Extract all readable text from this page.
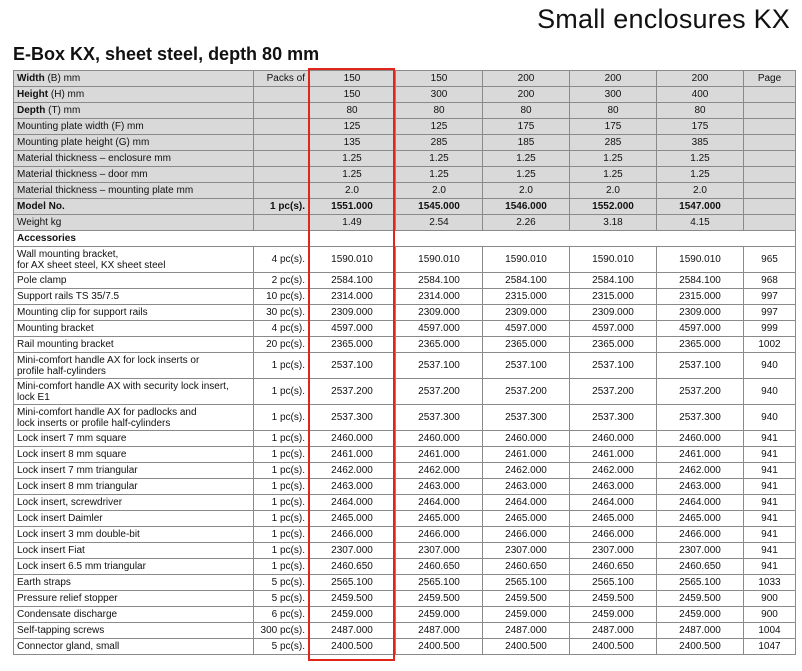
Small enclosures KX
E-Box KX, sheet steel, depth 80 mm
Width (B) mm	Packs of	150	150	200	200	200	Page
Height (H) mm		150	300	200	300	400	
Depth (T) mm		80	80	80	80	80	
Mounting plate width (F) mm		125	125	175	175	175	
Mounting plate height (G) mm		135	285	185	285	385	
Material thickness – enclosure mm		1.25	1.25	1.25	1.25	1.25	
Material thickness – door mm		1.25	1.25	1.25	1.25	1.25	
Material thickness – mounting plate mm		2.0	2.0	2.0	2.0	2.0	
Model No.	1 pc(s).	1551.000	1545.000	1546.000	1552.000	1547.000	
Weight kg		1.49	2.54	2.26	3.18	4.15	
Accessories							

Wall mounting bracket,
for AX sheet steel, KX sheet steel	4 pc(s).	1590.010	1590.010	1590.010	1590.010	1590.010	965

Pole clamp	2 pc(s).	2584.100	2584.100	2584.100	2584.100	2584.100	968

Support rails TS 35/7.5	10 pc(s).	2314.000	2314.000	2315.000	2315.000	2315.000	997

Mounting clip for support rails	30 pc(s).	2309.000	2309.000	2309.000	2309.000	2309.000	997

Mounting bracket	4 pc(s).	4597.000	4597.000	4597.000	4597.000	4597.000	999

Rail mounting bracket	20 pc(s).	2365.000	2365.000	2365.000	2365.000	2365.000	1002

Mini-comfort handle AX for lock inserts or
profile half-cylinders	1 pc(s).	2537.100	2537.100	2537.100	2537.100	2537.100	940

Mini-comfort handle AX with security lock insert,
lock E1	1 pc(s).	2537.200	2537.200	2537.200	2537.200	2537.200	940

Mini-comfort handle AX for padlocks and
lock inserts or profile half-cylinders	1 pc(s).	2537.300	2537.300	2537.300	2537.300	2537.300	940

Lock insert 7 mm square	1 pc(s).	2460.000	2460.000	2460.000	2460.000	2460.000	941

Lock insert 8 mm square	1 pc(s).	2461.000	2461.000	2461.000	2461.000	2461.000	941

Lock insert 7 mm triangular	1 pc(s).	2462.000	2462.000	2462.000	2462.000	2462.000	941

Lock insert 8 mm triangular	1 pc(s).	2463.000	2463.000	2463.000	2463.000	2463.000	941

Lock insert, screwdriver	1 pc(s).	2464.000	2464.000	2464.000	2464.000	2464.000	941

Lock insert Daimler	1 pc(s).	2465.000	2465.000	2465.000	2465.000	2465.000	941

Lock insert 3 mm double-bit	1 pc(s).	2466.000	2466.000	2466.000	2466.000	2466.000	941

Lock insert Fiat	1 pc(s).	2307.000	2307.000	2307.000	2307.000	2307.000	941

Lock insert 6.5 mm triangular	1 pc(s).	2460.650	2460.650	2460.650	2460.650	2460.650	941

Earth straps	5 pc(s).	2565.100	2565.100	2565.100	2565.100	2565.100	1033

Pressure relief stopper	5 pc(s).	2459.500	2459.500	2459.500	2459.500	2459.500	900

Condensate discharge	6 pc(s).	2459.000	2459.000	2459.000	2459.000	2459.000	900

Self-tapping screws	300 pc(s).	2487.000	2487.000	2487.000	2487.000	2487.000	1004

Connector gland, small	5 pc(s).	2400.500	2400.500	2400.500	2400.500	2400.500	1047
